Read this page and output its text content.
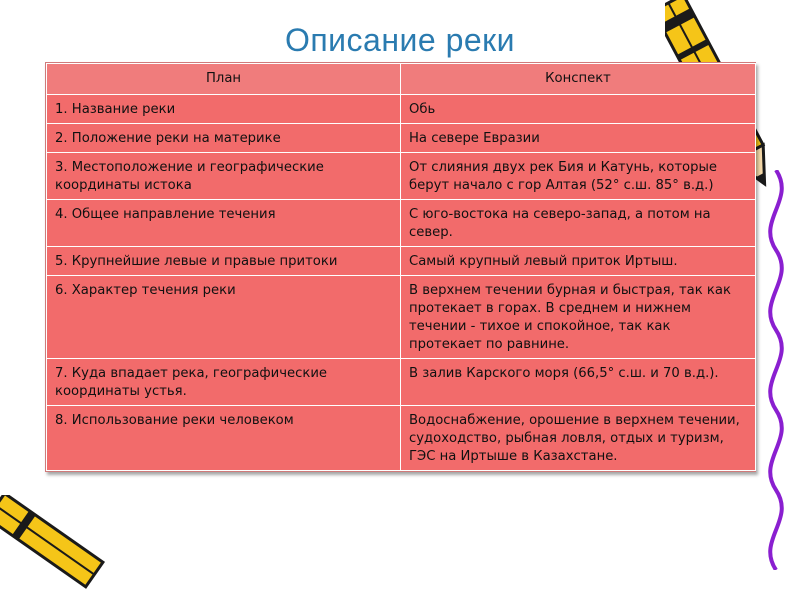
Описание реки
План	Конспект
1. Название реки	Обь
2. Положение реки на материке	На севере Евразии
3. Местоположение и географические координаты истока	От слияния двух рек Бия и Катунь, которые берут начало с гор Алтая (52° с.ш. 85° в.д.)
4. Общее направление течения	С юго-востока на северо-запад, а потом на север.
5. Крупнейшие левые и правые притоки	Самый крупный левый приток Иртыш.
6. Характер течения реки	В верхнем течении бурная и быстрая, так как протекает в горах. В среднем и нижнем течении - тихое и спокойное, так как протекает по равнине.
7. Куда впадает река, географические координаты устья.	В залив Карского моря (66,5° с.ш. и 70 в.д.).
8. Использование реки человеком	Водоснабжение, орошение в верхнем течении, судоходство, рыбная ловля, отдых и туризм, ГЭС на Иртыше в Казахстане.
